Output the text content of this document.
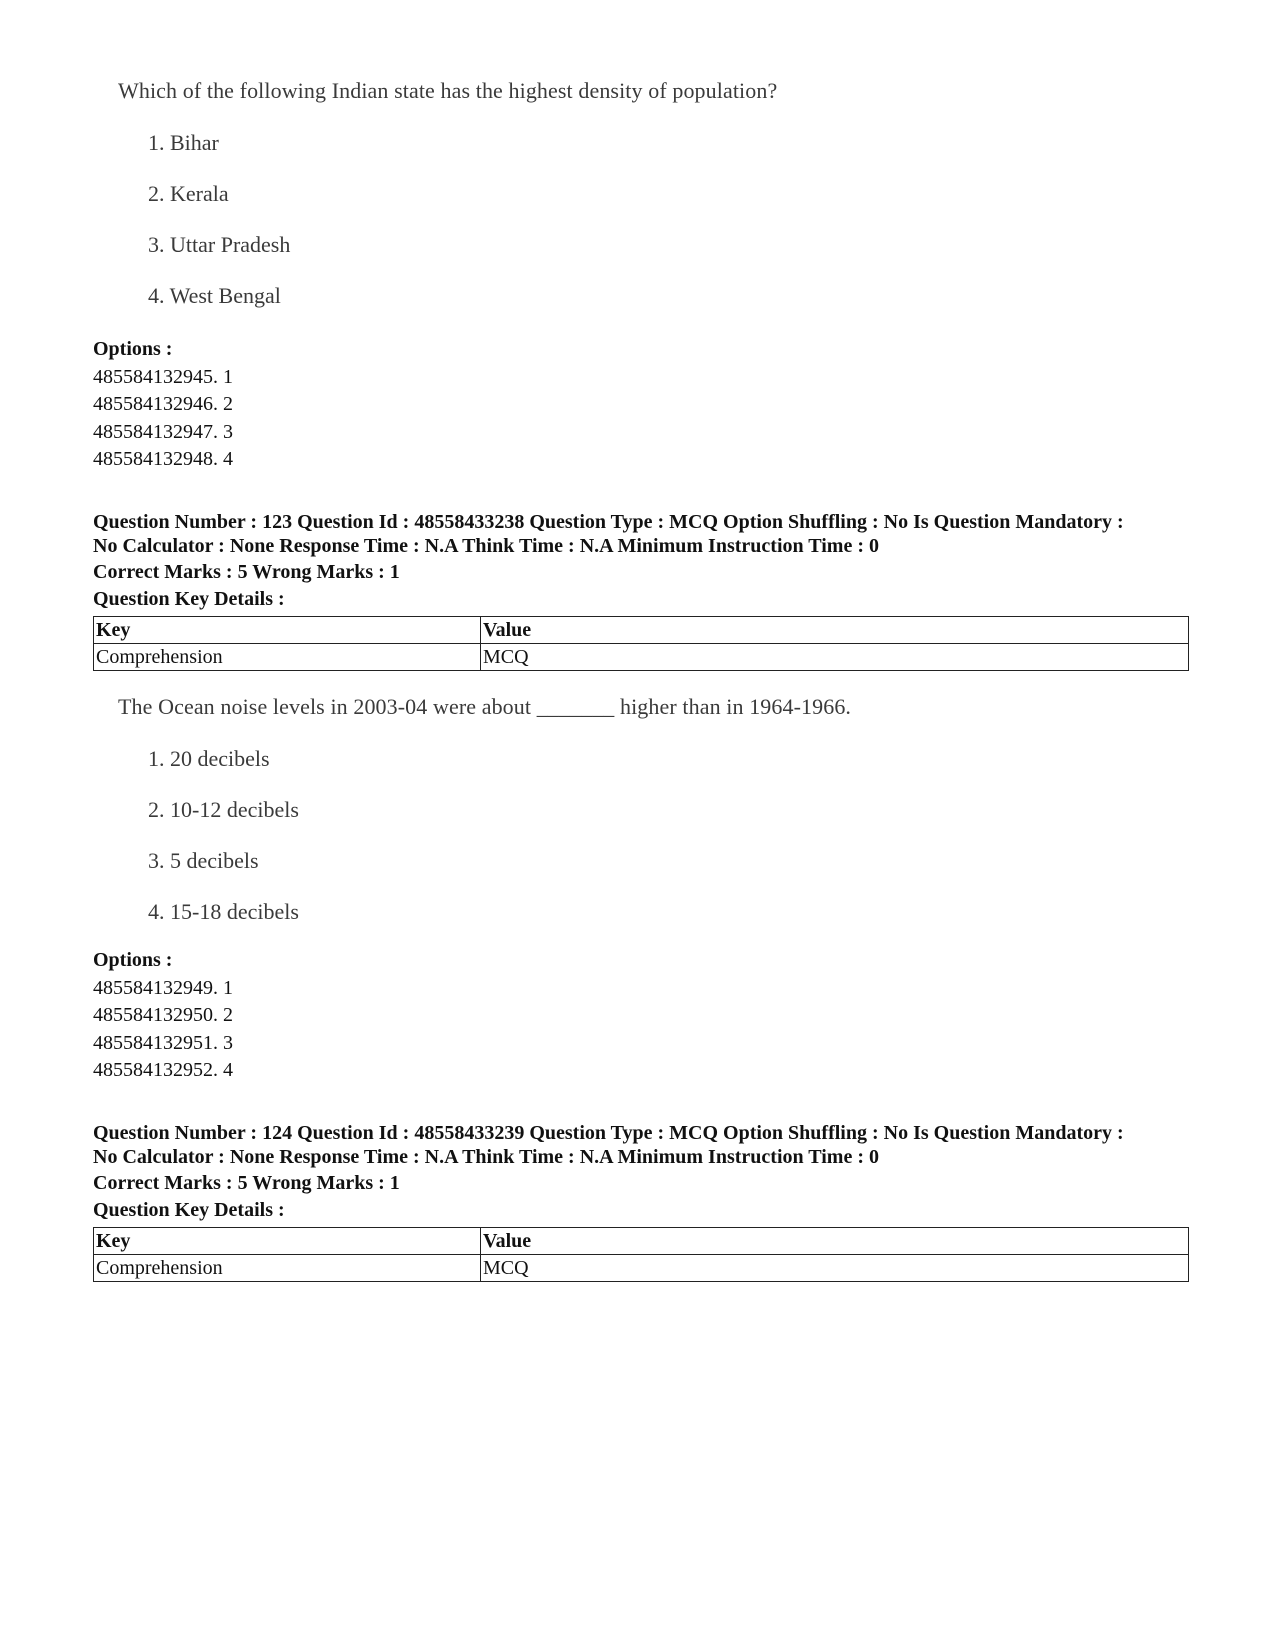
Which of the following Indian state has the highest density of population?
1. Bihar
2. Kerala
3. Uttar Pradesh
4. West Bengal
Options :
485584132945. 1
485584132946. 2
485584132947. 3
485584132948. 4
Question Number : 123 Question Id : 48558433238 Question Type : MCQ Option Shuffling : No Is Question Mandatory :
No Calculator : None Response Time : N.A Think Time : N.A Minimum Instruction Time : 0
Correct Marks : 5 Wrong Marks : 1
Question Key Details :
Key	Value
Comprehension	MCQ
The Ocean noise levels in 2003-04 were about _______ higher than in 1964-1966.
1. 20 decibels
2. 10-12 decibels
3. 5 decibels
4. 15-18 decibels
Options :
485584132949. 1
485584132950. 2
485584132951. 3
485584132952. 4
Question Number : 124 Question Id : 48558433239 Question Type : MCQ Option Shuffling : No Is Question Mandatory :
No Calculator : None Response Time : N.A Think Time : N.A Minimum Instruction Time : 0
Correct Marks : 5 Wrong Marks : 1
Question Key Details :
Key	Value
Comprehension	MCQ
